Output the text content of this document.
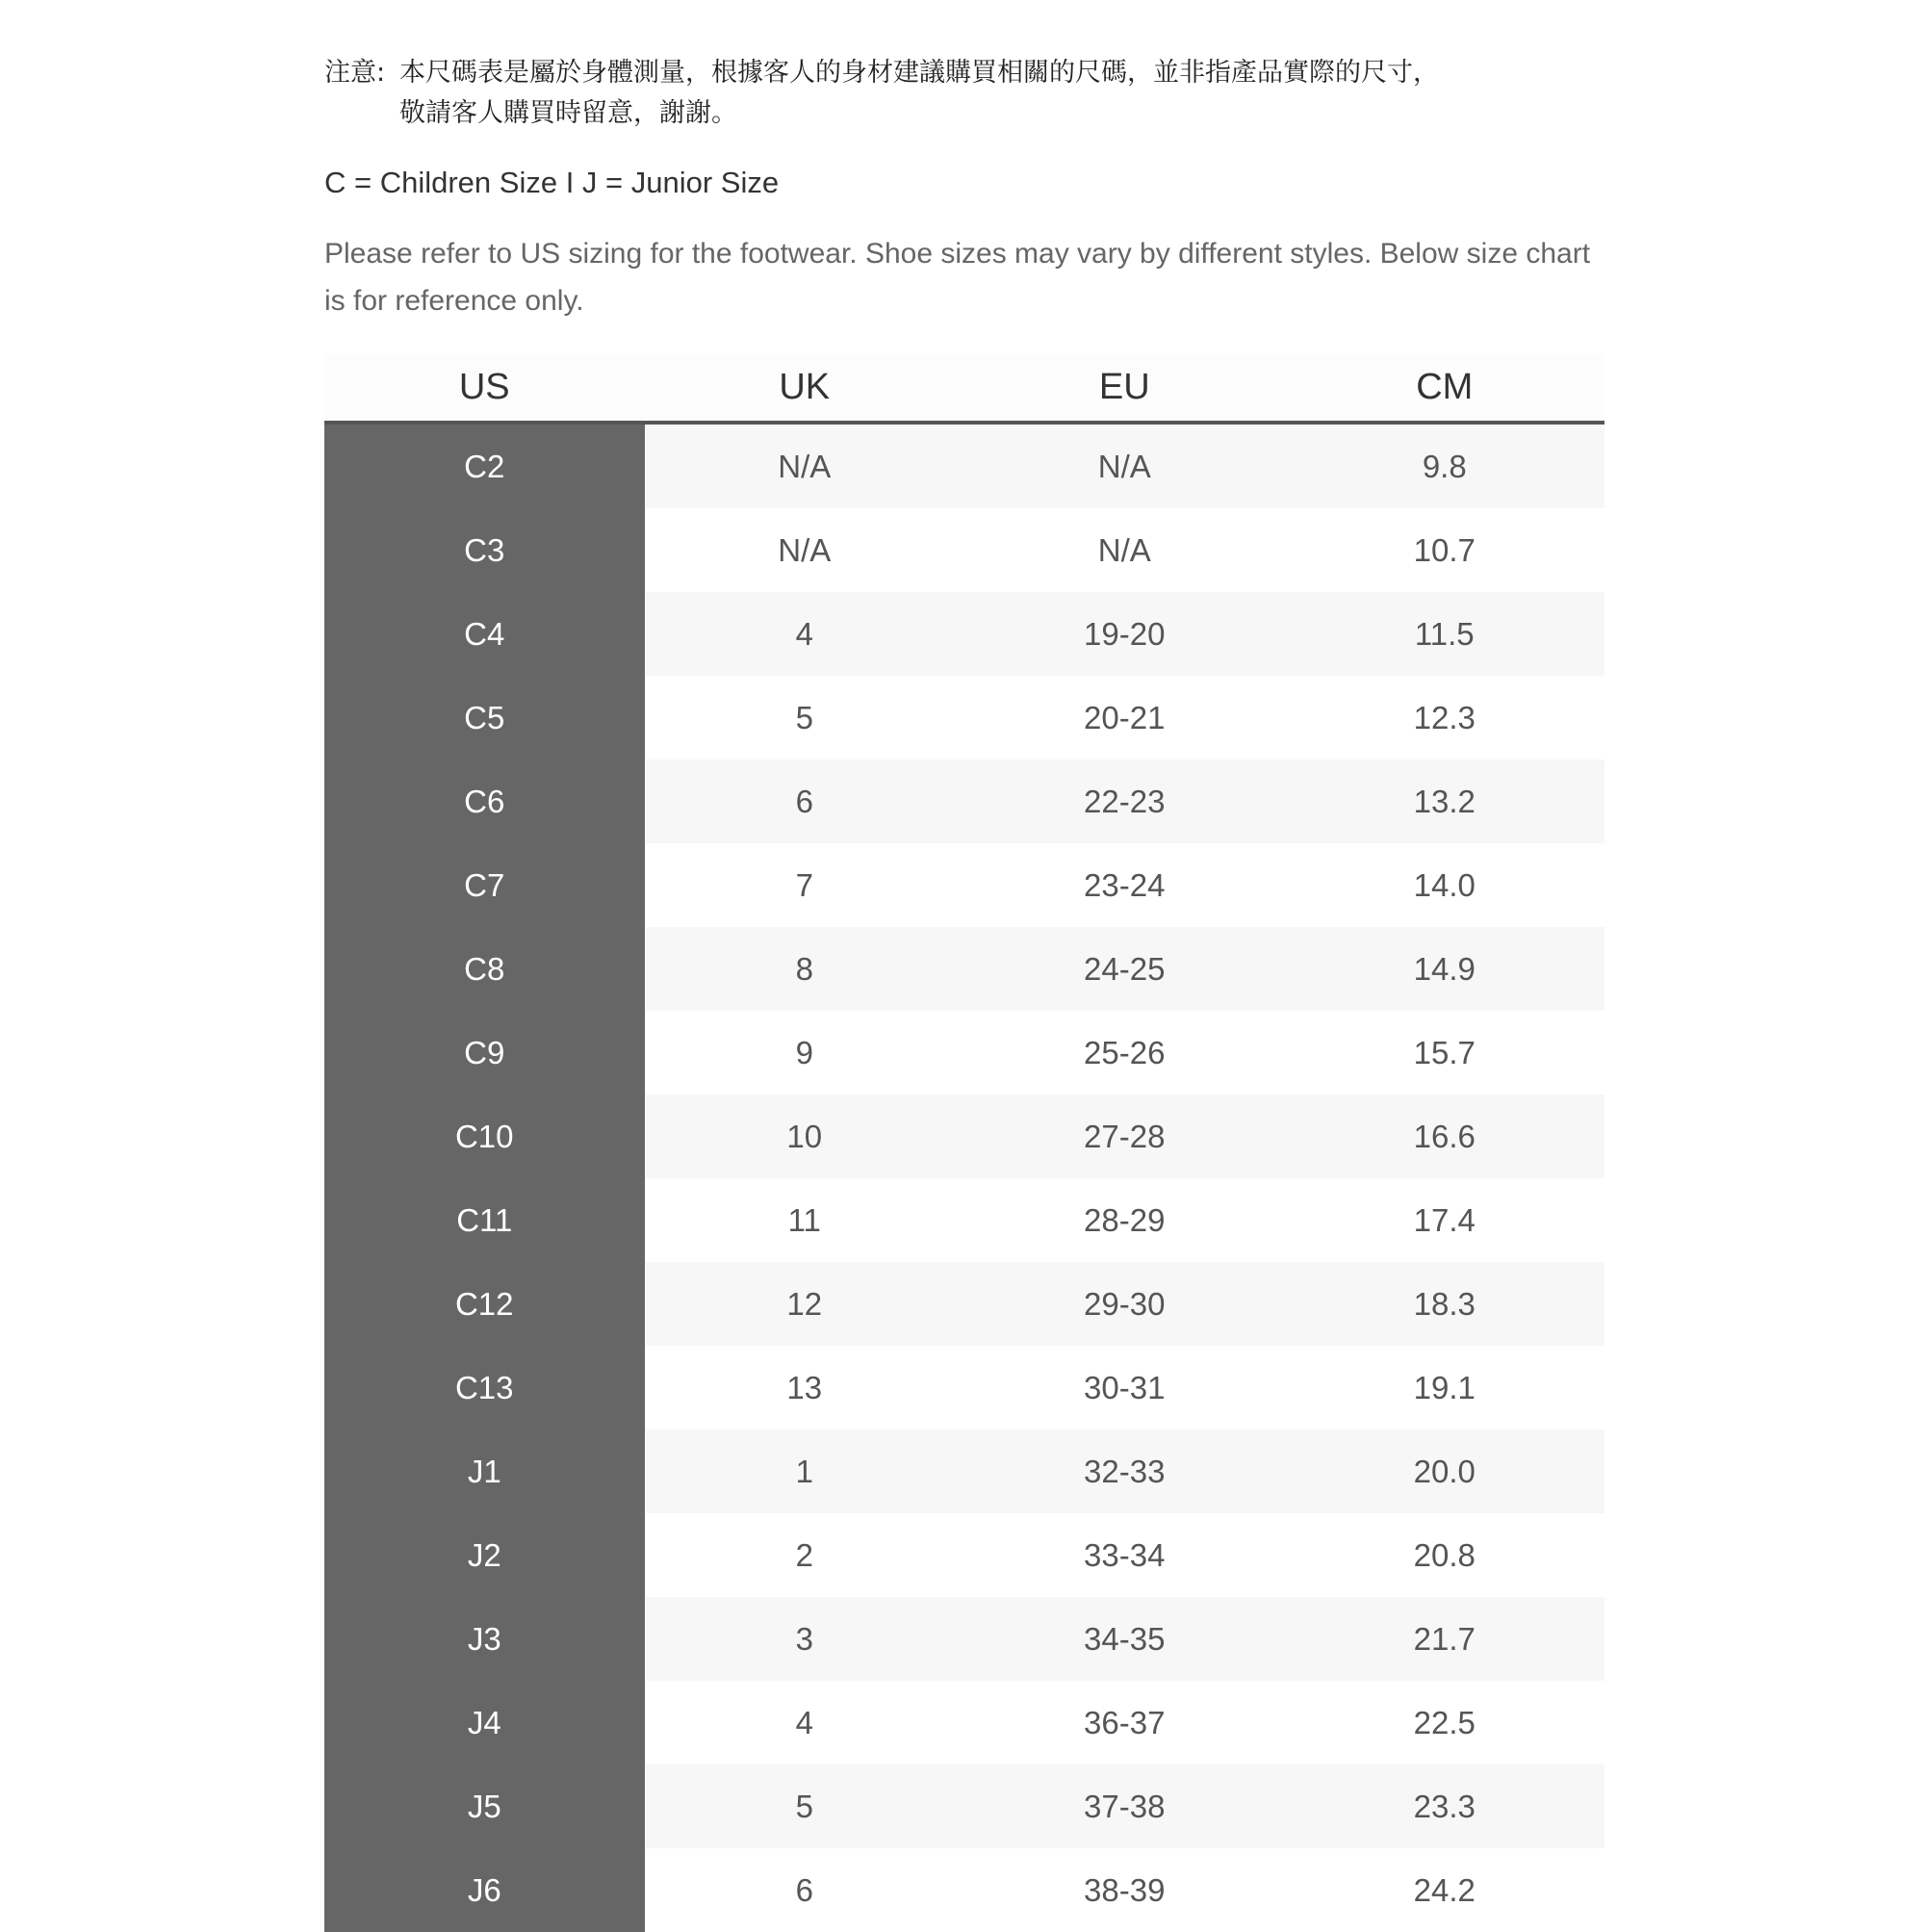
注意: 本尺碼表是屬於身體測量，根據客人的身材建議購買相關的尺碼，並非指產品實際的尺寸，
敬請客人購買時留意，謝謝。
C = Children Size I J = Junior Size
Please refer to US sizing for the footwear. Shoe sizes may vary by different styles. Below size chart is for reference only.
US	UK	EU	CM
C2	N/A	N/A	9.8
C3	N/A	N/A	10.7
C4	4	19-20	11.5
C5	5	20-21	12.3
C6	6	22-23	13.2
C7	7	23-24	14.0
C8	8	24-25	14.9
C9	9	25-26	15.7
C10	10	27-28	16.6
C11	11	28-29	17.4
C12	12	29-30	18.3
C13	13	30-31	19.1
J1	1	32-33	20.0
J2	2	33-34	20.8
J3	3	34-35	21.7
J4	4	36-37	22.5
J5	5	37-38	23.3
J6	6	38-39	24.2
